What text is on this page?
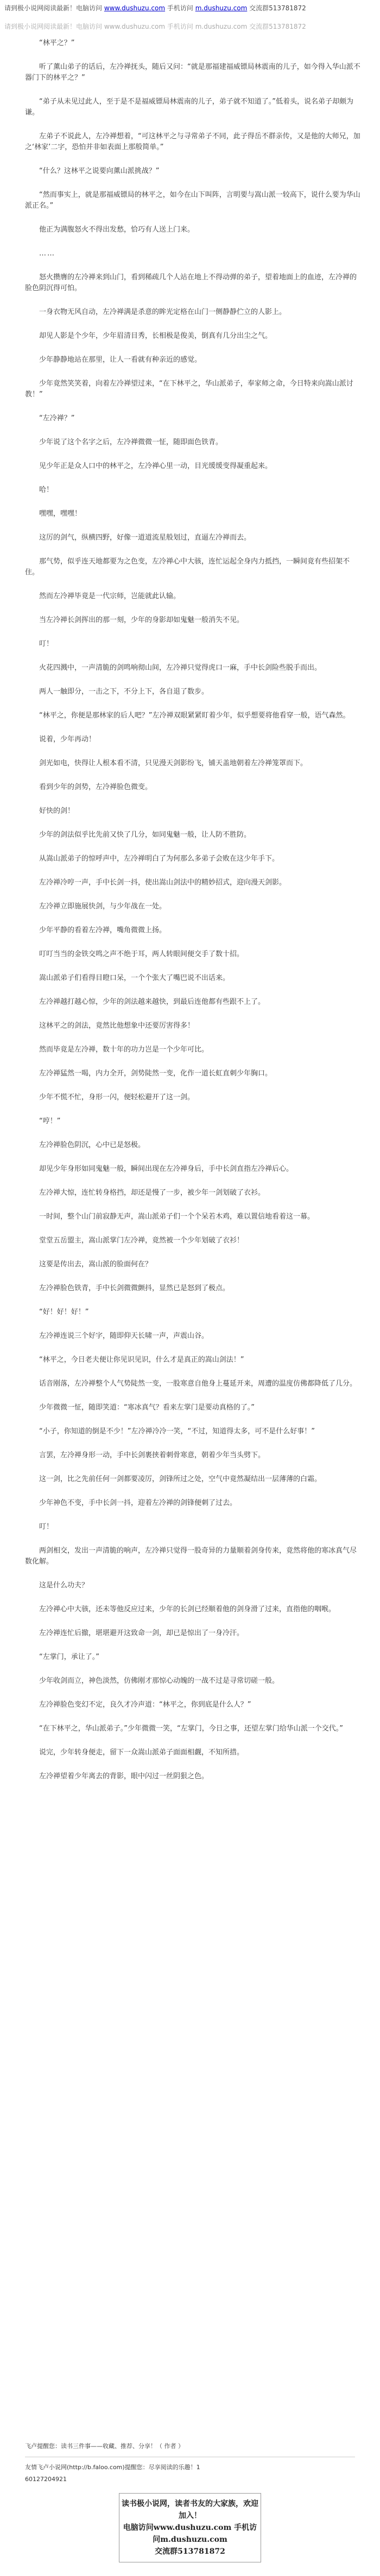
请到极小说网阅读最新！电脑访问 www.dushuzu.com 手机访问 m.dushuzu.com 交流群513781872
请到极小说网阅读最新！电脑访问 www.dushuzu.com 手机访问 m.dushuzu.com 交流群513781872

“林平之？”

听了薰山弟子的话后，左冷禅抚头，随后又问：“就是那福建福威镖局林震南的儿子，如今得入华山派不器门下的林平之？”

“弟子从未见过此人，至于是不是福威镖局林震南的儿子，弟子就不知道了。”低着头，说名弟子却颇为谦。

左弟子不说此人，左冷禅想着，“可这林平之与寻常弟子不同，此子得岳不群亲传，又是他的大师兄，加之‘林家’二字，恐怕并非如表面上那般简单。”

“什么？这林平之说要向薰山派挑战？”

“然而事实上，就是那福威镖局的林平之，如今在山下叫阵，言明要与嵩山派一较高下，说什么要为华山派正名。”

他正为满腹怒火不得出发愁，恰巧有人送上门来。

……

怒火攒膺的左冷禅来到山门，看到稀疏几个人站在地上不得动弹的弟子，望着地面上的血迹，左冷禅的脸色阴沉得可怕。

一身衣物无风自动，左冷禅满是杀意的眸光定格在山门一侧静静伫立的人影上。

却见人影是个少年，少年眉清目秀，长相极是俊美，倒真有几分出尘之气。

少年静静地站在那里，让人一看就有种亲近的感觉。

少年竟然笑笑着，向着左冷禅望过来，“在下林平之，华山派弟子，奉家师之命，今日特来向嵩山派讨教！”

“左冷禅？”

少年说了这个名字之后，左冷禅微微一怔，随即面色铁青。

见少年正是众人口中的林平之，左冷禅心里一动，目光缓缓变得凝重起来。

哈！

嘿嘿，嘿嘿！

这厉的剑气，纵横四野，好像一道道流星般划过，直逼左冷禅而去。

那气势，似乎连天地都要为之色变，左冷禅心中大骇，连忙运起全身内力抵挡，一瞬间竟有些招架不住。

然而左冷禅毕竟是一代宗师，岂能就此认输。

当左冷禅长剑挥出的那一刻，少年的身影却如鬼魅一般消失不见。

叮！

火花四溅中，一声清脆的剑鸣响彻山间，左冷禅只觉得虎口一麻，手中长剑险些脱手而出。

两人一触即分，一击之下，不分上下，各自退了数步。

“林平之，你便是那林家的后人吧？”左冷禅双眼紧紧盯着少年，似乎想要将他看穿一般，语气森然。

说着，少年再动！

剑光如电，快得让人根本看不清，只见漫天剑影纷飞，铺天盖地朝着左冷禅笼罩而下。

看到少年的剑势，左冷禅脸色微变。

好快的剑！

少年的剑法似乎比先前又快了几分，如同鬼魅一般，让人防不胜防。

从嵩山派弟子的惊呼声中，左冷禅明白了为何那么多弟子会败在这少年手下。

左冷禅冷哼一声，手中长剑一抖，使出嵩山剑法中的精妙招式，迎向漫天剑影。

左冷禅立即施展快剑，与少年战在一处。

少年平静的看着左冷禅，嘴角微微上扬。

叮叮当当的金铁交鸣之声不绝于耳，两人转眼间便交手了数十招。

嵩山派弟子们看得目瞪口呆，一个个张大了嘴巴说不出话来。

左冷禅越打越心惊，少年的剑法越来越快，到最后连他都有些跟不上了。

这林平之的剑法，竟然比他想象中还要厉害得多！

然而毕竟是左冷禅，数十年的功力岂是一个少年可比。

左冷禅猛然一喝，内力全开，剑势陡然一变，化作一道长虹直刺少年胸口。

少年不慌不忙，身形一闪，便轻松避开了这一剑。

“哼！”

左冷禅脸色阴沉，心中已是怒极。

却见少年身形如同鬼魅一般，瞬间出现在左冷禅身后，手中长剑直指左冷禅后心。

左冷禅大惊，连忙转身格挡，却还是慢了一步，被少年一剑划破了衣衫。

一时间，整个山门前寂静无声，嵩山派弟子们一个个呆若木鸡，难以置信地看着这一幕。

堂堂五岳盟主，嵩山派掌门左冷禅，竟然被一个少年划破了衣衫！

这要是传出去，嵩山派的脸面何在？

左冷禅脸色铁青，手中长剑微微颤抖，显然已是怒到了极点。

“好！好！好！”

左冷禅连说三个好字，随即仰天长啸一声，声震山谷。

“林平之，今日老夫便让你见识见识，什么才是真正的嵩山剑法！”

话音刚落，左冷禅整个人气势陡然一变，一股寒意自他身上蔓延开来，周遭的温度仿佛都降低了几分。

少年微微一怔，随即笑道：“寒冰真气？看来左掌门是要动真格的了。”

“小子，你知道的倒是不少！”左冷禅冷冷一笑，“不过，知道得太多，可不是什么好事！”

言罢，左冷禅身形一动，手中长剑裹挟着刺骨寒意，朝着少年当头劈下。

这一剑，比之先前任何一剑都要凌厉，剑锋所过之处，空气中竟然凝结出一层薄薄的白霜。

少年神色不变，手中长剑一抖，迎着左冷禅的剑锋便刺了过去。

叮！

两剑相交，发出一声清脆的响声，左冷禅只觉得一股奇异的力量顺着剑身传来，竟然将他的寒冰真气尽数化解。

这是什么功夫？

左冷禅心中大骇，还未等他反应过来，少年的长剑已经顺着他的剑身滑了过来，直指他的咽喉。

左冷禅连忙后撤，堪堪避开这致命一剑，却已是惊出了一身冷汗。

“左掌门，承让了。”

少年收剑而立，神色淡然，仿佛刚才那惊心动魄的一战不过是寻常切磋一般。

左冷禅脸色变幻不定，良久才冷声道：“林平之，你到底是什么人？”

“在下林平之，华山派弟子。”少年微微一笑，“左掌门，今日之事，还望左掌门给华山派一个交代。”

说完，少年转身便走，留下一众嵩山派弟子面面相觑，不知所措。

左冷禅望着少年离去的背影，眼中闪过一丝阴狠之色。

飞卢提醒您：读书三件事——收藏、推荐、分享！（ 作者 ）
友情飞卢小说网(http://b.faloo.com)提醒您：尽享阅读的乐趣！1
60127204921
读书极小说网，读者书友的大家族，欢迎加入！
电脑访问www.dushuzu.com 手机访问m.dushuzu.com
交流群513781872
